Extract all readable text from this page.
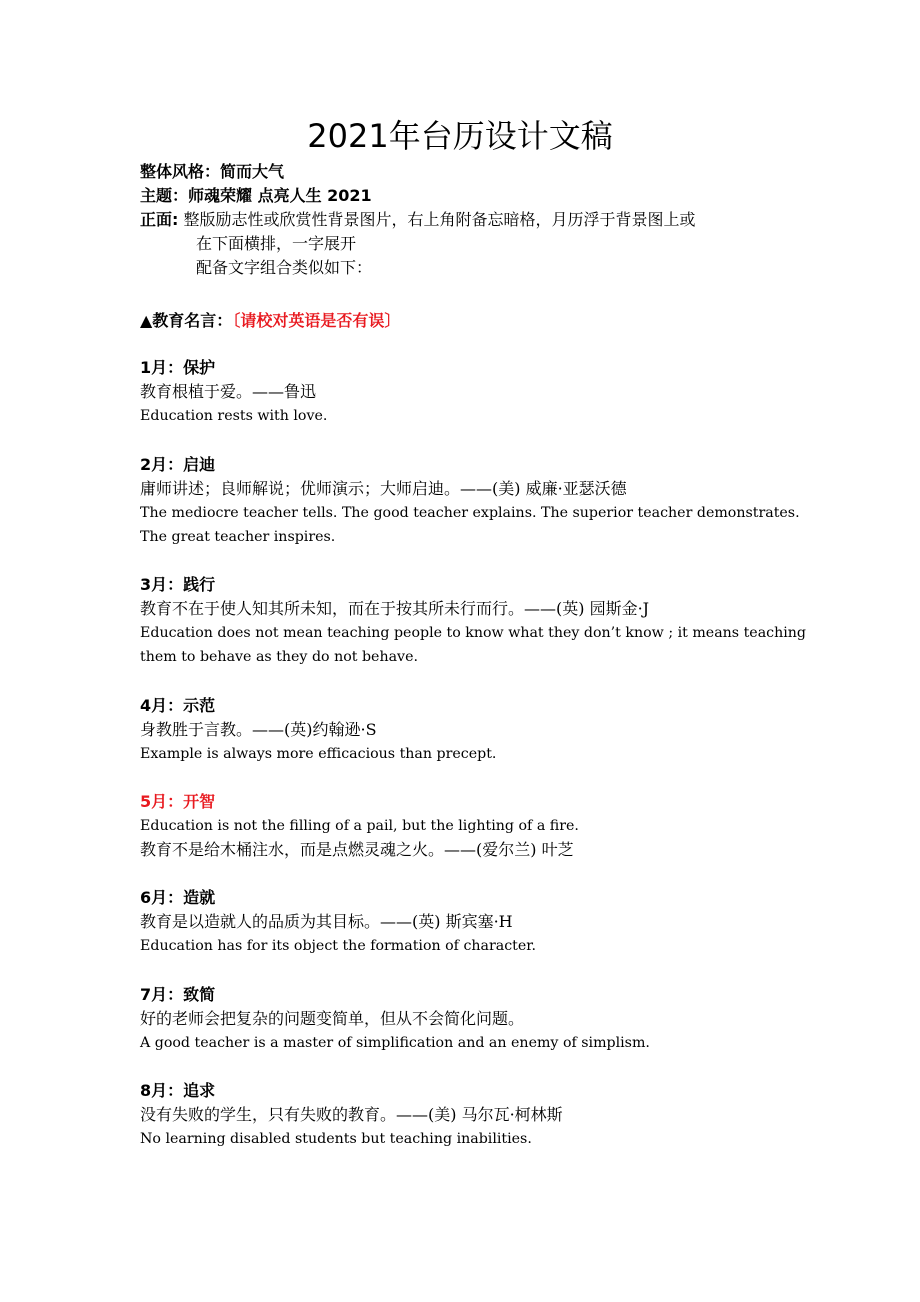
2021年台历设计文稿
整体风格：简而大气
主题：师魂荣耀 点亮人生 2021
正面: 整版励志性或欣赏性背景图片，右上角附备忘暗格，月历浮于背景图上或
在下面横排，一字展开
配备文字组合类似如下：
▲教育名言：〔请校对英语是否有误〕
1月：保护
教育根植于爱。——鲁迅
Education rests with love.
2月：启迪
庸师讲述；良师解说；优师演示；大师启迪。——(美) 威廉·亚瑟沃德
The mediocre teacher tells. The good teacher explains. The superior teacher demonstrates. The great teacher inspires.
3月：践行
教育不在于使人知其所未知，而在于按其所未行而行。——(英) 园斯金·J
Education does not mean teaching people to know what they don’t know ; it means teaching them to behave as they do not behave.
4月：示范
身教胜于言教。——(英)约翰逊·S
Example is always more efficacious than precept.
5月：开智
Education is not the filling of a pail, but the lighting of a fire.
教育不是给木桶注水，而是点燃灵魂之火。——(爱尔兰) 叶芝
6月：造就
教育是以造就人的品质为其目标。——(英) 斯宾塞·H
Education has for its object the formation of character.
7月：致简
好的老师会把复杂的问题变简单，但从不会简化问题。
A good teacher is a master of simplification and an enemy of simplism.
8月：追求
没有失败的学生，只有失败的教育。——(美) 马尔瓦·柯林斯
No learning disabled students but teaching inabilities.
